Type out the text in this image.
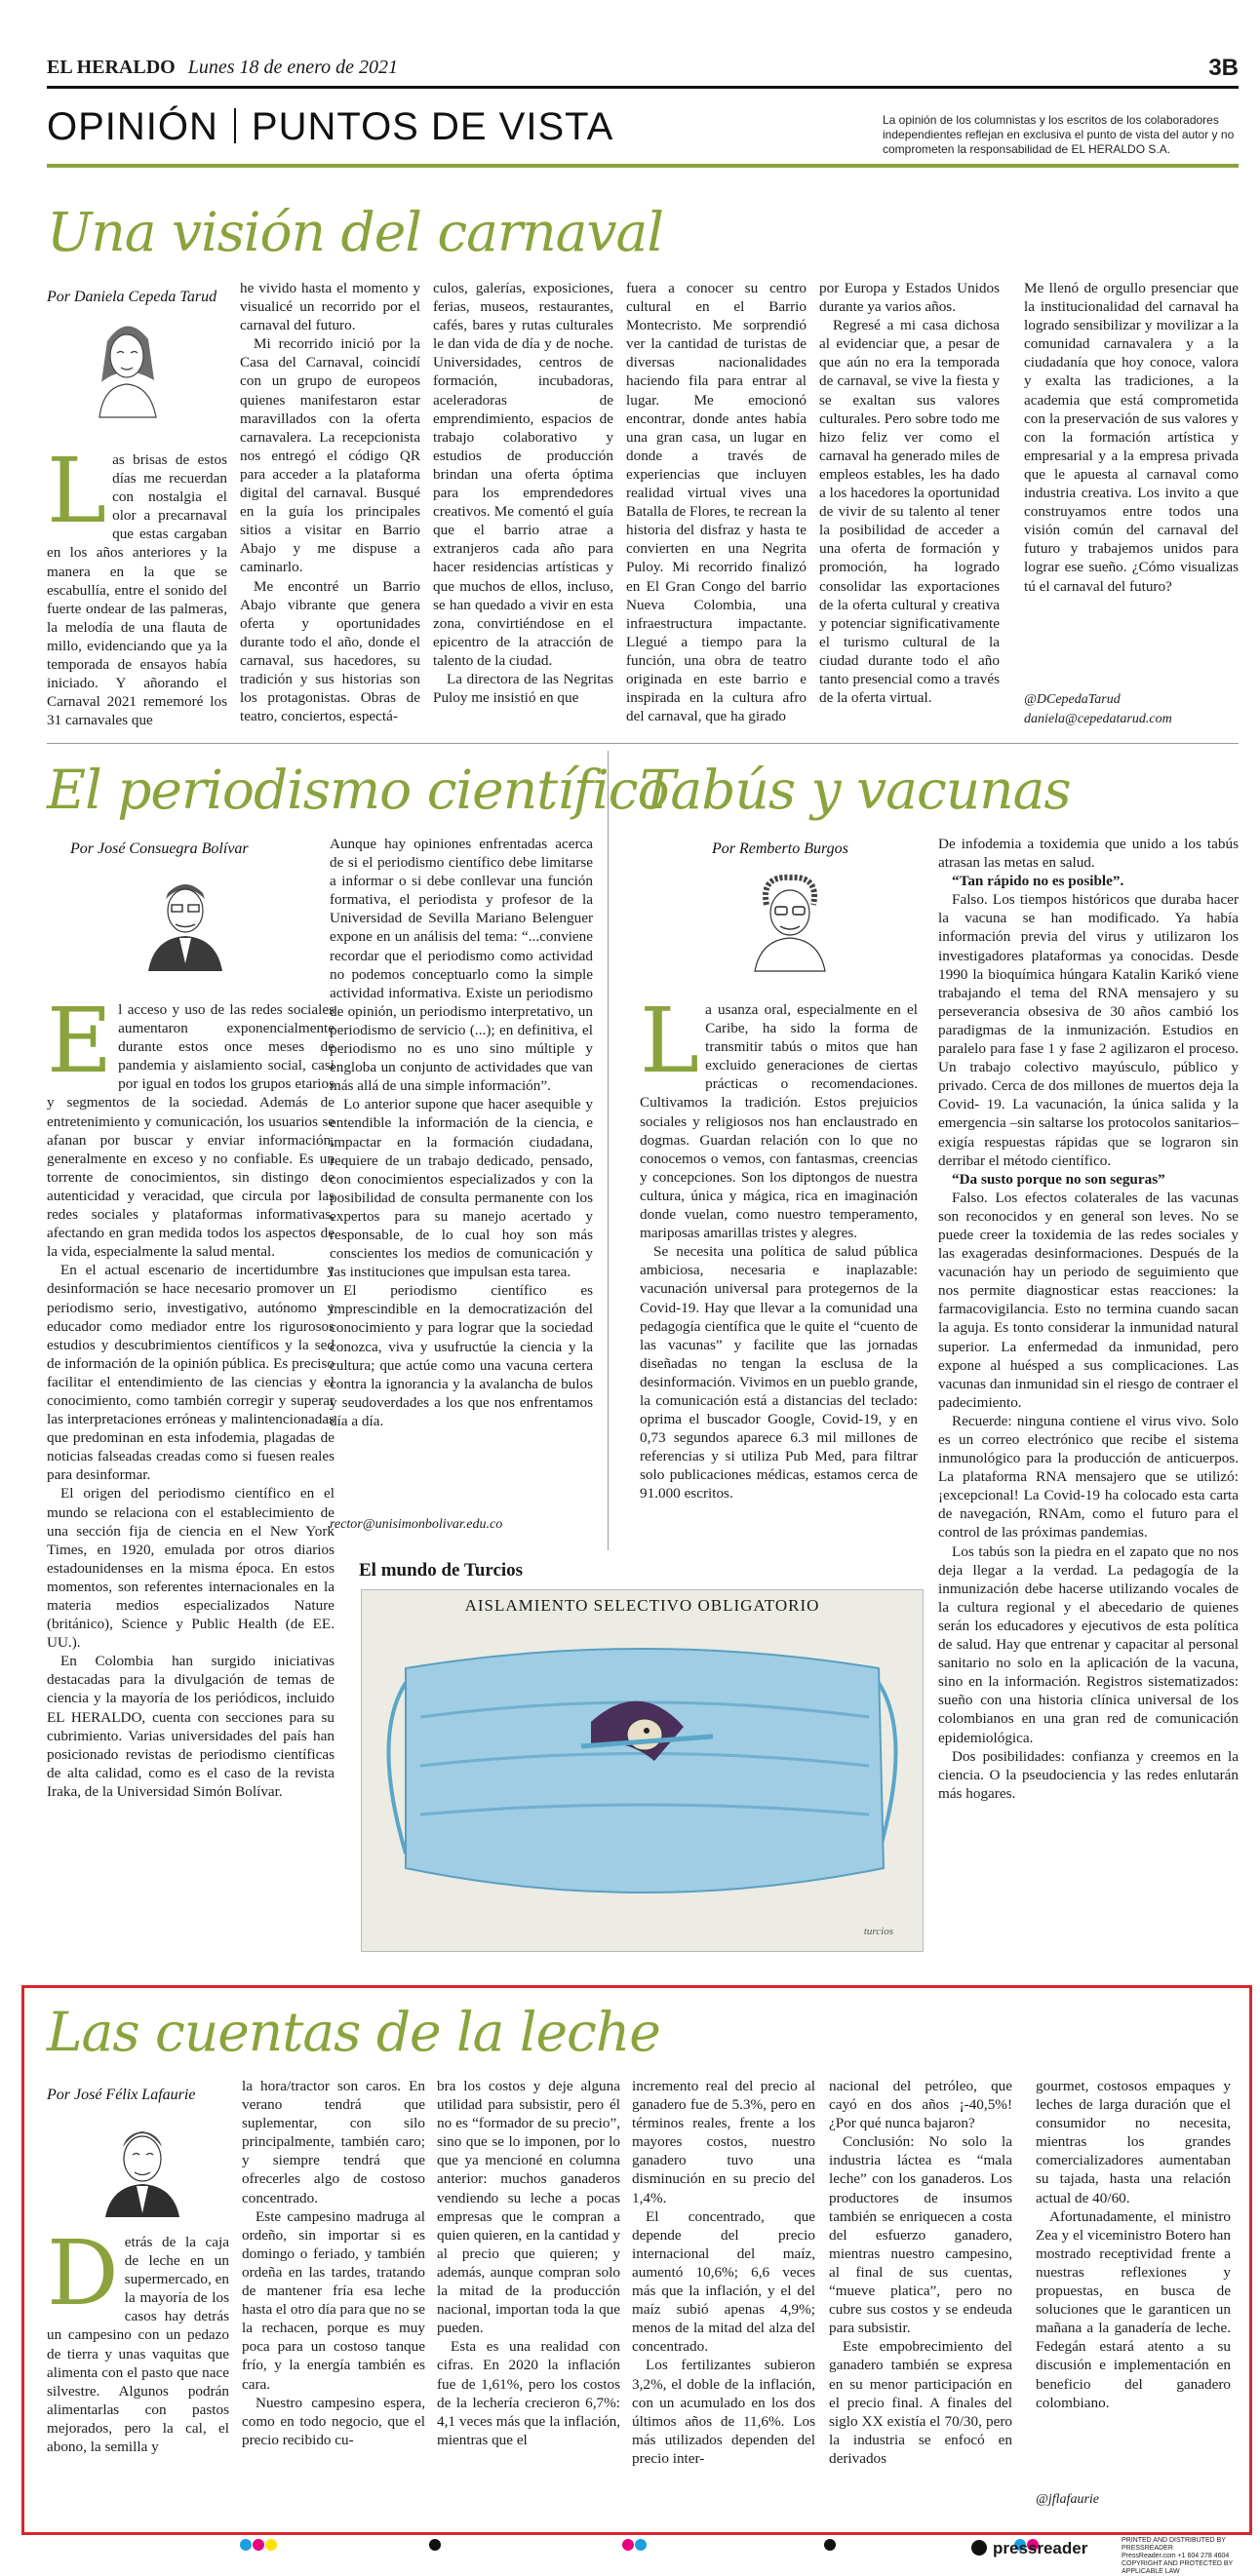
EL HERALDO Lunes 18 de enero de 2021	3B
OPINIÓN PUNTOS DE VISTA	La opinión de los columnistas y los escritos de los colaboradores independientes reflejan en exclusiva el punto de vista del autor y no comprometen la responsabilidad de EL HERALDO S.A.
Una visión del carnaval
Por Daniela Cepeda Tarud
Las brisas de estos días me recuerdan con nostalgia el olor a precarnaval que estas cargaban en los años anteriores y la manera en la que se escabullía, entre el sonido del fuerte ondear de las palmeras, la melodía de una flauta de millo, evidenciando que ya la temporada de ensayos había iniciado. Y añorando el Carnaval 2021 rememoré los 31 carnavales que

he vivido hasta el momento y visualicé un recorrido por el carnaval del futuro.

Mi recorrido inició por la Casa del Carnaval, coincidí con un grupo de europeos quienes manifestaron estar maravillados con la oferta carnavalera. La recepcionista nos entregó el código QR para acceder a la plataforma digital del carnaval. Busqué en la guía los principales sitios a visitar en Barrio Abajo y me dispuse a caminarlo.

Me encontré un Barrio Abajo vibrante que genera oferta y oportunidades durante todo el año, donde el carnaval, sus hacedores, su tradición y sus historias son los protagonistas. Obras de teatro, conciertos, espectá-

culos, galerías, exposiciones, ferias, museos, restaurantes, cafés, bares y rutas culturales le dan vida de día y de noche. Universidades, centros de formación, incubadoras, aceleradoras de emprendimiento, espacios de trabajo colaborativo y estudios de producción brindan una oferta óptima para los emprendedores creativos. Me comentó el guía que el barrio atrae a extranjeros cada año para hacer residencias artísticas y que muchos de ellos, incluso, se han quedado a vivir en esta zona, convirtiéndose en el epicentro de la atracción de talento de la ciudad.

La directora de las Negritas Puloy me insistió en que

fuera a conocer su centro cultural en el Barrio Montecristo. Me sorprendió ver la cantidad de turistas de diversas nacionalidades haciendo fila para entrar al lugar. Me emocionó encontrar, donde antes había una gran casa, un lugar en donde a través de experiencias que incluyen realidad virtual vives una Batalla de Flores, te recrean la historia del disfraz y hasta te convierten en una Negrita Puloy. Mi recorrido finalizó en El Gran Congo del barrio Nueva Colombia, una infraestructura impactante. Llegué a tiempo para la función, una obra de teatro originada en este barrio e inspirada en la cultura afro del carnaval, que ha girado

por Europa y Estados Unidos durante ya varios años.

Regresé a mi casa dichosa al evidenciar que, a pesar de que aún no era la temporada de carnaval, se vive la fiesta y se exaltan sus valores culturales. Pero sobre todo me hizo feliz ver como el carnaval ha generado miles de empleos estables, les ha dado a los hacedores la oportunidad de vivir de su talento al tener la posibilidad de acceder a una oferta de formación y promoción, ha logrado consolidar las exportaciones de la oferta cultural y creativa y potenciar significativamente el turismo cultural de la ciudad durante todo el año tanto presencial como a través de la oferta virtual.

Me llenó de orgullo presenciar que la institucionalidad del carnaval ha logrado sensibilizar y movilizar a la comunidad carnavalera y a la ciudadanía que hoy conoce, valora y exalta las tradiciones, a la academia que está comprometida con la preservación de sus valores y con la formación artística y empresarial y a la empresa privada que le apuesta al carnaval como industria creativa. Los invito a que construyamos entre todos una visión común del carnaval del futuro y trabajemos unidos para lograr ese sueño. ¿Cómo visualizas tú el carnaval del futuro?

@DCepedaTarud
daniela@cepedatarud.com
El periodismo científico
Por José Consuegra Bolívar

El acceso y uso de las redes sociales aumentaron exponencialmente durante estos once meses de pandemia y aislamiento social, casi por igual en todos los grupos etarios y segmentos de la sociedad. Además de entretenimiento y comunicación, los usuarios se afanan por buscar y enviar información, generalmente en exceso y no confiable. Es un torrente de conocimientos, sin distingo de autenticidad y veracidad, que circula por las redes sociales y plataformas informativas, afectando en gran medida todos los aspectos de la vida, especialmente la salud mental.

En el actual escenario de incertidumbre y desinformación se hace necesario promover un periodismo serio, investigativo, autónomo y educador como mediador entre los rigurosos estudios y descubrimientos científicos y la sed de información de la opinión pública. Es preciso facilitar el entendimiento de las ciencias y el conocimiento, como también corregir y superar las interpretaciones erróneas y malintencionadas que predominan en esta infodemia, plagadas de noticias falseadas creadas como si fuesen reales para desinformar.

El origen del periodismo científico en el mundo se relaciona con el establecimiento de una sección fija de ciencia en el New York Times, en 1920, emulada por otros diarios estadounidenses en la misma época. En estos momentos, son referentes internacionales en la materia medios especializados Nature (británico), Science y Public Health (de EE. UU.).

En Colombia han surgido iniciativas destacadas para la divulgación de temas de ciencia y la mayoría de los periódicos, incluido EL HERALDO, cuenta con secciones para su cubrimiento. Varias universidades del país han posicionado revistas de periodismo científicas de alta calidad, como es el caso de la revista Iraka, de la Universidad Simón Bolívar.

Aunque hay opiniones enfrentadas acerca de si el periodismo científico debe limitarse a informar o si debe conllevar una función formativa, el periodista y profesor de la Universidad de Sevilla Mariano Belenguer expone en un análisis del tema: “...conviene recordar que el periodismo como actividad no podemos conceptuarlo como la simple actividad informativa. Existe un periodismo de opinión, un periodismo interpretativo, un periodismo de servicio (...); en definitiva, el periodismo no es uno sino múltiple y engloba un conjunto de actividades que van más allá de una simple información”.

Lo anterior supone que hacer asequible y entendible la información de la ciencia, e impactar en la formación ciudadana, requiere de un trabajo dedicado, pensado, con conocimientos especializados y con la posibilidad de consulta permanente con los expertos para su manejo acertado y responsable, de lo cual hoy son más conscientes los medios de comunicación y las instituciones que impulsan esta tarea.

El periodismo científico es imprescindible en la democratización del conocimiento y para lograr que la sociedad conozca, viva y usufructúe la ciencia y la cultura; que actúe como una vacuna certera contra la ignorancia y la avalancha de bulos y seudoverdades a los que nos enfrentamos día a día.

rector@unisimonbolivar.edu.co
Tabús y vacunas
Por Remberto Burgos

La usanza oral, especialmente en el Caribe, ha sido la forma de transmitir tabús o mitos que han excluido generaciones de ciertas prácticas o recomendaciones. Cultivamos la tradición. Estos prejuicios sociales y religiosos nos han enclaustrado en dogmas. Guardan relación con lo que no conocemos o vemos, con fantasmas, creencias y concepciones. Son los diptongos de nuestra cultura, única y mágica, rica en imaginación donde vuelan, como nuestro temperamento, mariposas amarillas tristes y alegres.

Se necesita una política de salud pública ambiciosa, necesaria e inaplazable: vacunación universal para protegernos de la Covid-19. Hay que llevar a la comunidad una pedagogía científica que le quite el “cuento de las vacunas” y facilite que las jornadas diseñadas no tengan la esclusa de la desinformación. Vivimos en un pueblo grande, la comunicación está a distancias del teclado: oprima el buscador Google, Covid-19, y en 0,73 segundos aparece 6.3 mil millones de referencias y si utiliza Pub Med, para filtrar solo publicaciones médicas, estamos cerca de 91.000 escritos.

De infodemia a toxidemia que unido a los tabús atrasan las metas en salud.

“Tan rápido no es posible”.

Falso. Los tiempos históricos que duraba hacer la vacuna se han modificado. Ya había información previa del virus y utilizaron los investigadores plataformas ya conocidas. Desde 1990 la bioquímica húngara Katalin Karikó viene trabajando el tema del RNA mensajero y su perseverancia obsesiva de 30 años cambió los paradigmas de la inmunización. Estudios en paralelo para fase 1 y fase 2 agilizaron el proceso. Un trabajo colectivo mayúsculo, público y privado. Cerca de dos millones de muertos deja la Covid- 19. La vacunación, la única salida y la emergencia –sin saltarse los protocolos sanitarios– exigía respuestas rápidas que se lograron sin derribar el método científico.

“Da susto porque no son seguras”

Falso. Los efectos colaterales de las vacunas son reconocidos y en general son leves. No se puede creer la toxidemia de las redes sociales y las exageradas desinformaciones. Después de la vacunación hay un periodo de seguimiento que nos permite diagnosticar estas reacciones: la farmacovigilancia. Esto no termina cuando sacan la aguja. Es tonto considerar la inmunidad natural superior. La enfermedad da inmunidad, pero expone al huésped a sus complicaciones. Las vacunas dan inmunidad sin el riesgo de contraer el padecimiento.

Recuerde: ninguna contiene el virus vivo. Solo es un correo electrónico que recibe el sistema inmunológico para la producción de anticuerpos. La plataforma RNA mensajero que se utilizó: ¡excepcional! La Covid-19 ha colocado esta carta de navegación, RNAm, como el futuro para el control de las próximas pandemias.

Los tabús son la piedra en el zapato que no nos deja llegar a la verdad. La pedagogía de la inmunización debe hacerse utilizando vocales de la cultura regional y el abecedario de quienes serán los educadores y ejecutivos de esta política de salud. Hay que entrenar y capacitar al personal sanitario no solo en la aplicación de la vacuna, sino en la información. Registros sistematizados: sueño con una historia clínica universal de los colombianos en una gran red de comunicación epidemiológica.

Dos posibilidades: confianza y creemos en la ciencia. O la pseudociencia y las redes enlutarán más hogares.

El mundo de Turcios
AISLAMIENTO SELECTIVO OBLIGATORIO
turcios
Las cuentas de la leche
Por José Félix Lafaurie
Detrás de la caja de leche en un supermercado, en la mayoría de los casos hay detrás un campesino con un pedazo de tierra y unas vaquitas que alimenta con el pasto que nace silvestre. Algunos podrán alimentarlas con pastos mejorados, pero la cal, el abono, la semilla y

la hora/tractor son caros. En verano tendrá que suplementar, con silo principalmente, también caro; y siempre tendrá que ofrecerles algo de costoso concentrado.

Este campesino madruga al ordeño, sin importar si es domingo o feriado, y también ordeña en las tardes, tratando de mantener fría esa leche hasta el otro día para que no se la rechacen, porque es muy poca para un costoso tanque frío, y la energía también es cara.

Nuestro campesino espera, como en todo negocio, que el precio recibido cu-

bra los costos y deje alguna utilidad para subsistir, pero él no es “formador de su precio”, sino que se lo imponen, por lo que ya mencioné en columna anterior: muchos ganaderos vendiendo su leche a pocas empresas que le compran a quien quieren, en la cantidad y al precio que quieren; y además, aunque compran solo la mitad de la producción nacional, importan toda la que pueden.

Esta es una realidad con cifras. En 2020 la inflación fue de 1,61%, pero los costos de la lechería crecieron 6,7%: 4,1 veces más que la inflación, mientras que el

incremento real del precio al ganadero fue de 5.3%, pero en términos reales, frente a los mayores costos, nuestro ganadero tuvo una disminución en su precio del 1,4%.

El concentrado, que depende del precio internacional del maíz, aumentó 10,6%; 6,6 veces más que la inflación, y el del maíz subió apenas 4,9%; menos de la mitad del alza del concentrado.

Los fertilizantes subieron 3,2%, el doble de la inflación, con un acumulado en los dos últimos años de 11,6%. Los más utilizados dependen del precio inter-

nacional del petróleo, que cayó en dos años ¡-40,5%! ¿Por qué nunca bajaron?

Conclusión: No solo la industria láctea es “mala leche” con los ganaderos. Los productores de insumos también se enriquecen a costa del esfuerzo ganadero, mientras nuestro campesino, al final de sus cuentas, “mueve platica”, pero no cubre sus costos y se endeuda para subsistir.

Este empobrecimiento del ganadero también se expresa en su menor participación en el precio final. A finales del siglo XX existía el 70/30, pero la industria se enfocó en derivados

gourmet, costosos empaques y leches de larga duración que el consumidor no necesita, mientras los grandes comercializadores aumentaban su tajada, hasta una relación actual de 40/60.

Afortunadamente, el ministro Zea y el viceministro Botero han mostrado receptividad frente a nuestras reflexiones y propuestas, en busca de soluciones que le garanticen un mañana a la ganadería de leche. Fedegán estará atento a su discusión e implementación en beneficio del ganadero colombiano.

@jflafaurie
pressreader	PRINTED AND DISTRIBUTED BY PRESSREADER
PressReader.com +1 604 278 4604
COPYRIGHT AND PROTECTED BY APPLICABLE LAW
